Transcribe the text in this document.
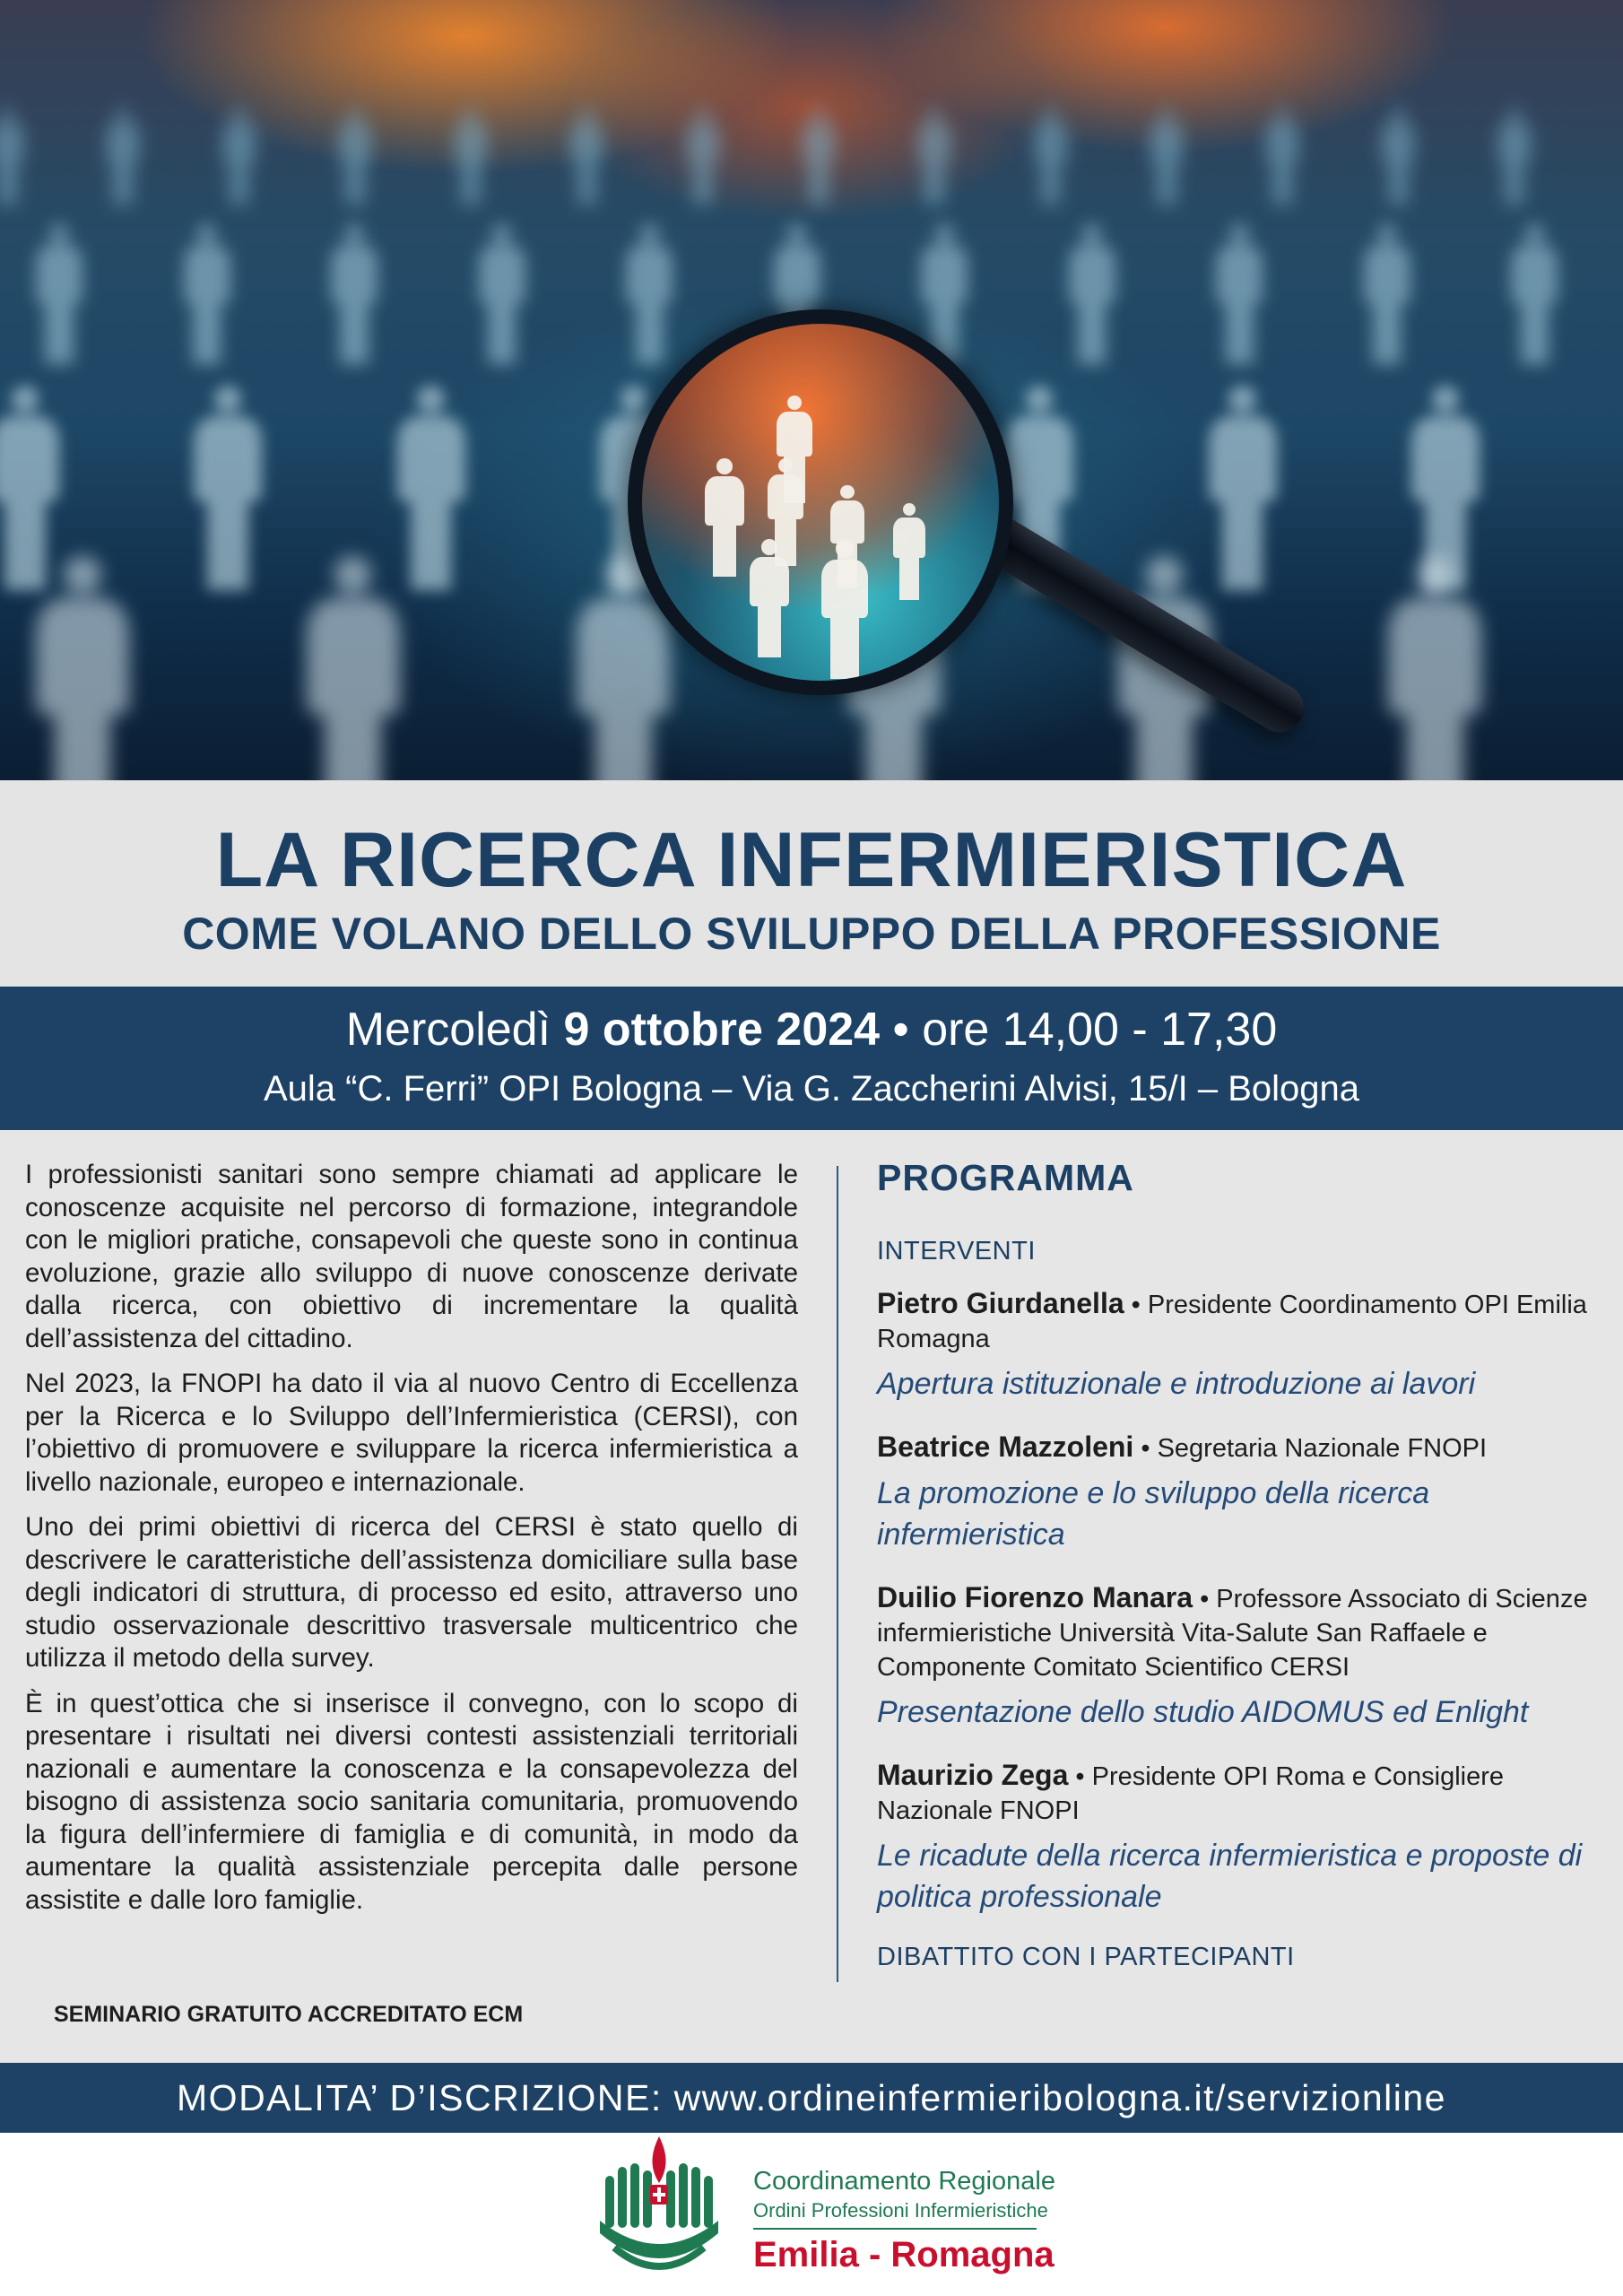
LA RICERCA INFERMIERISTICA
COME VOLANO DELLO SVILUPPO DELLA PROFESSIONE
Mercoledì 9 ottobre 2024 • ore 14,00 - 17,30
Aula “C. Ferri” OPI Bologna – Via G. Zaccherini Alvisi, 15/I – Bologna

I professionisti sanitari sono sempre chiamati ad applicare le conoscenze acquisite nel percorso di formazione, integrandole con le migliori pratiche, consapevoli che queste sono in continua evoluzione, grazie allo sviluppo di nuove conoscenze derivate dalla ricerca, con obiettivo di incrementare la qualità dell’assistenza del cittadino.

Nel 2023, la FNOPI ha dato il via al nuovo Centro di Eccellenza per la Ricerca e lo Sviluppo dell’Infermieristica (CERSI), con l’obiettivo di promuovere e sviluppare la ricerca infermieristica a livello nazionale, europeo e internazionale.

Uno dei primi obiettivi di ricerca del CERSI è stato quello di descrivere le caratteristiche dell’assistenza domiciliare sulla base degli indicatori di struttura, di processo ed esito, attraverso uno studio osservazionale descrittivo trasversale multicentrico che utilizza il metodo della survey.

È in quest’ottica che si inserisce il convegno, con lo scopo di presentare i risultati nei diversi contesti assistenziali territoriali nazionali e aumentare la conoscenza e la consapevolezza del bisogno di assistenza socio sanitaria comunitaria, promuovendo la figura dell’infermiere di famiglia e di comunità, in modo da aumentare la qualità assistenziale percepita dalle persone assistite e dalle loro famiglie.

SEMINARIO GRATUITO ACCREDITATO ECM
PROGRAMMA
INTERVENTI
Pietro Giurdanella • Presidente Coordinamento OPI Emilia Romagna
Apertura istituzionale e introduzione ai lavori
Beatrice Mazzoleni • Segretaria Nazionale FNOPI
La promozione e lo sviluppo della ricerca infermieristica
Duilio Fiorenzo Manara • Professore Associato di Scienze infermieristiche Università Vita-Salute San Raffaele e Componente Comitato Scientifico CERSI
Presentazione dello studio AIDOMUS ed Enlight
Maurizio Zega • Presidente OPI Roma e Consigliere Nazionale FNOPI
Le ricadute della ricerca infermieristica e proposte di politica professionale
DIBATTITO CON I PARTECIPANTI
MODALITA’ D’ISCRIZIONE: www.ordineinfermieribologna.it/servizionline
Coordinamento Regionale
Ordini Professioni Infermieristiche
Emilia - Romagna
